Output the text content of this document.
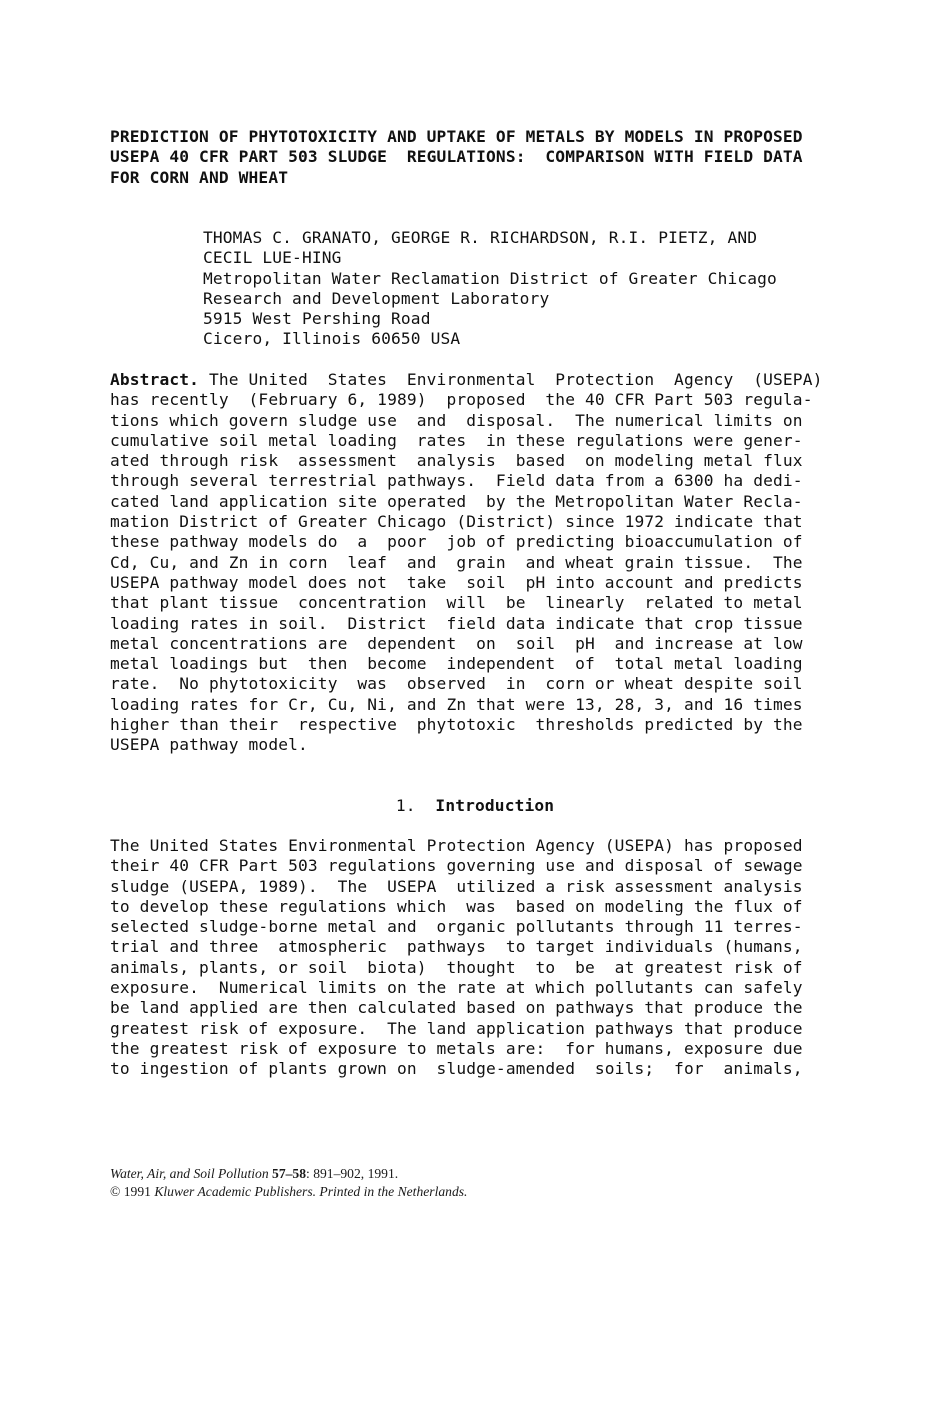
PREDICTION OF PHYTOTOXICITY AND UPTAKE OF METALS BY MODELS IN PROPOSED
USEPA 40 CFR PART 503 SLUDGE  REGULATIONS:  COMPARISON WITH FIELD DATA
FOR CORN AND WHEAT
THOMAS C. GRANATO, GEORGE R. RICHARDSON, R.I. PIETZ, AND
CECIL LUE-HING
Metropolitan Water Reclamation District of Greater Chicago
Research and Development Laboratory
5915 West Pershing Road
Cicero, Illinois 60650 USA
Abstract. The United  States  Environmental  Protection  Agency  (USEPA)
has recently  (February 6, 1989)  proposed  the 40 CFR Part 503 regula-
tions which govern sludge use  and  disposal.  The numerical limits on
cumulative soil metal loading  rates  in these regulations were gener-
ated through risk  assessment  analysis  based  on modeling metal flux
through several terrestrial pathways.  Field data from a 6300 ha dedi-
cated land application site operated  by the Metropolitan Water Recla-
mation District of Greater Chicago (District) since 1972 indicate that
these pathway models do  a  poor  job of predicting bioaccumulation of
Cd, Cu, and Zn in corn  leaf  and  grain  and wheat grain tissue.  The
USEPA pathway model does not  take  soil  pH into account and predicts
that plant tissue  concentration  will  be  linearly  related to metal
loading rates in soil.  District  field data indicate that crop tissue
metal concentrations are  dependent  on  soil  pH  and increase at low
metal loadings but  then  become  independent  of  total metal loading
rate.  No phytotoxicity  was  observed  in  corn or wheat despite soil
loading rates for Cr, Cu, Ni, and Zn that were 13, 28, 3, and 16 times
higher than their  respective  phytotoxic  thresholds predicted by the
USEPA pathway model.
1. Introduction
The United States Environmental Protection Agency (USEPA) has proposed
their 40 CFR Part 503 regulations governing use and disposal of sewage
sludge (USEPA, 1989).  The  USEPA  utilized a risk assessment analysis
to develop these regulations which  was  based on modeling the flux of
selected sludge-borne metal and  organic pollutants through 11 terres-
trial and three  atmospheric  pathways  to target individuals (humans,
animals, plants, or soil  biota)  thought  to  be  at greatest risk of
exposure.  Numerical limits on the rate at which pollutants can safely
be land applied are then calculated based on pathways that produce the
greatest risk of exposure.  The land application pathways that produce
the greatest risk of exposure to metals are:  for humans, exposure due
to ingestion of plants grown on  sludge-amended  soils;  for  animals,
Water, Air, and Soil Pollution 57–58: 891–902, 1991.
© 1991 Kluwer Academic Publishers. Printed in the Netherlands.
